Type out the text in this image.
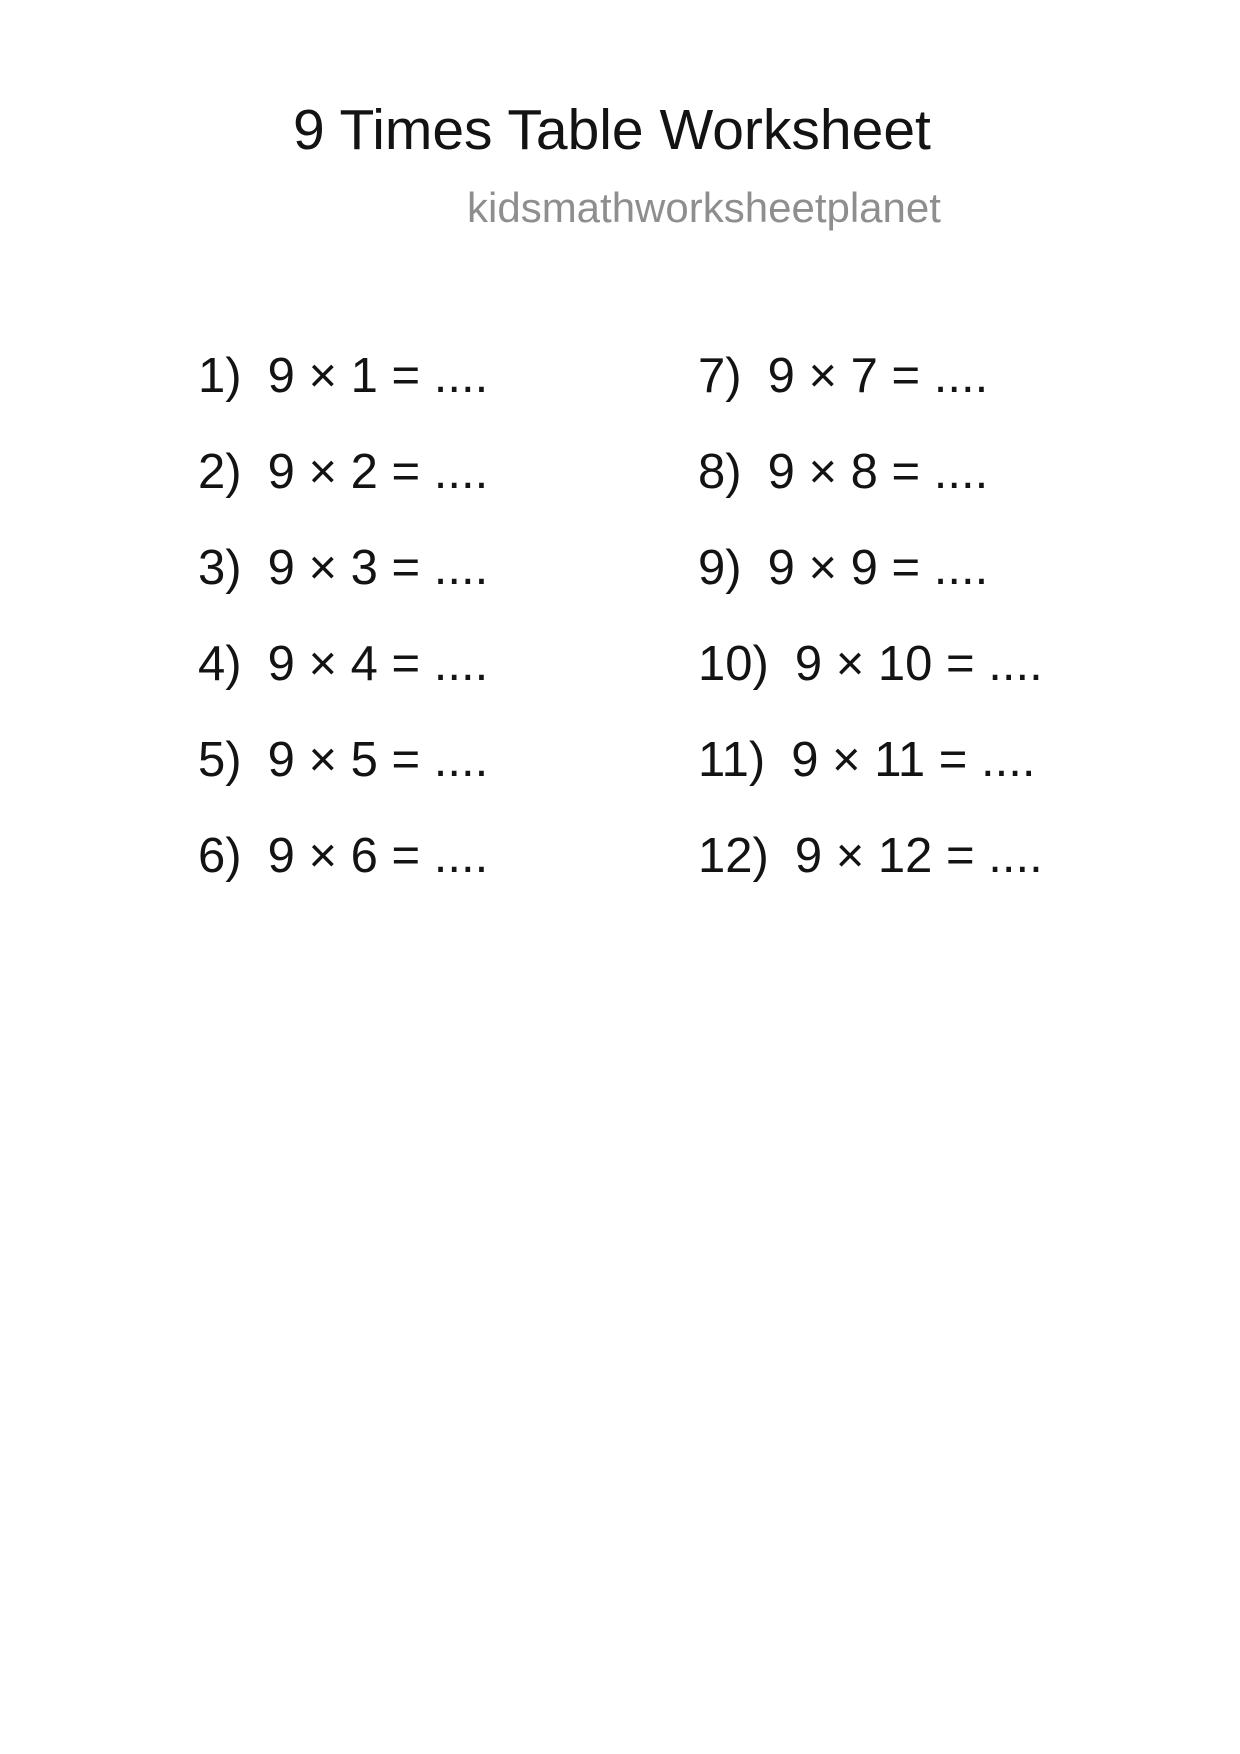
9 Times Table Worksheet
kidsmathworksheetplanet
1) 9 × 1 = ....
2) 9 × 2 = ....
3) 9 × 3 = ....
4) 9 × 4 = ....
5) 9 × 5 = ....
6) 9 × 6 = ....
7) 9 × 7 = ....
8) 9 × 8 = ....
9) 9 × 9 = ....
10) 9 × 10 = ....
11) 9 × 11 = ....
12) 9 × 12 = ....
